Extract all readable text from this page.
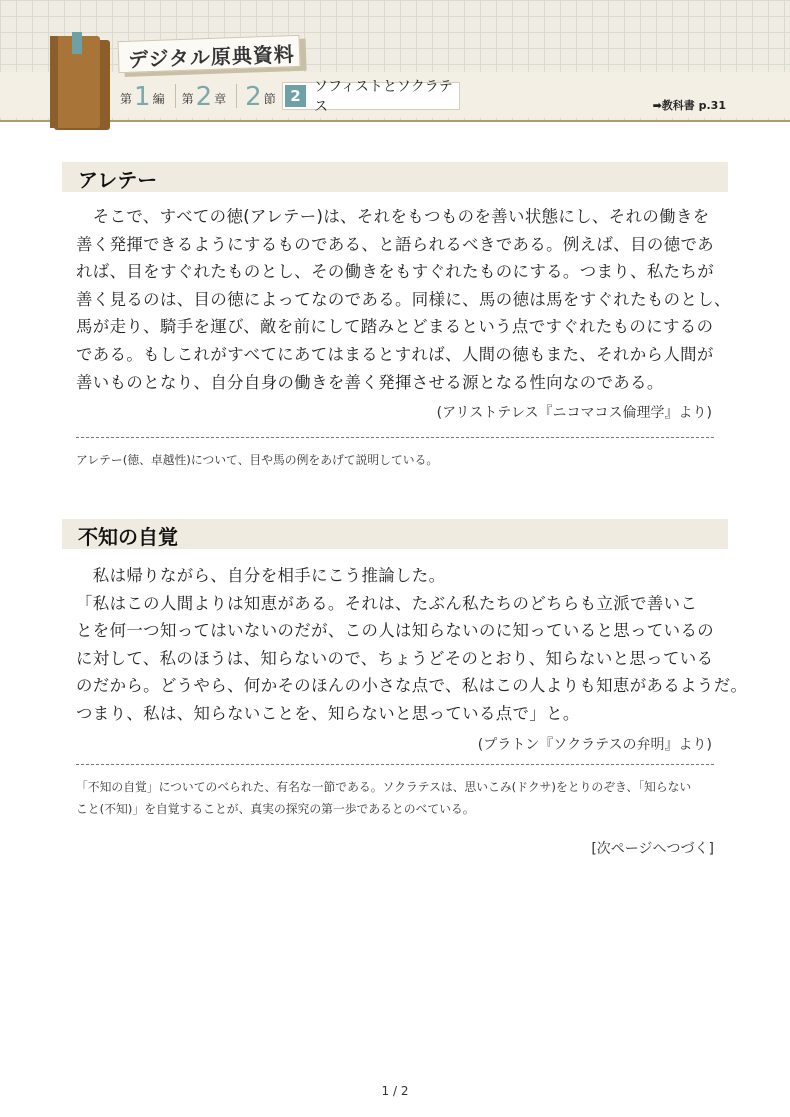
デジタル原典資料
第 1 編 第 2 章 2 節 2 ソフィストとソクラテス	➡教科書 p.31
アレテー

　そこで、すべての徳(アレテー)は、それをもつものを善い状態にし、それの働きを

善く発揮できるようにするものである、と語られるべきである。例えば、目の徳であ

れば、目をすぐれたものとし、その働きをもすぐれたものにする。つまり、私たちが

善く見るのは、目の徳によってなのである。同様に、馬の徳は馬をすぐれたものとし、

馬が走り、騎手を運び、敵を前にして踏みとどまるという点ですぐれたものにするの

である。もしこれがすべてにあてはまるとすれば、人間の徳もまた、それから人間が

善いものとなり、自分自身の働きを善く発揮させる源となる性向なのである。

(アリストテレス『ニコマコス倫理学』より)

アレテー(徳、卓越性)について、目や馬の例をあげて説明している。

不知の自覚

　私は帰りながら、自分を相手にこう推論した。

「私はこの人間よりは知恵がある。それは、たぶん私たちのどちらも立派で善いこ

とを何一つ知ってはいないのだが、この人は知らないのに知っていると思っているの

に対して、私のほうは、知らないので、ちょうどそのとおり、知らないと思っている

のだから。どうやら、何かそのほんの小さな点で、私はこの人よりも知恵があるようだ。

つまり、私は、知らないことを、知らないと思っている点で」と。

(プラトン『ソクラテスの弁明』より)

「不知の自覚」についてのべられた、有名な一節である。ソクラテスは、思いこみ(ドクサ)をとりのぞき、「知らない

こと(不知)」を自覚することが、真実の探究の第一歩であるとのべている。

[次ページへつづく]
1 / 2
